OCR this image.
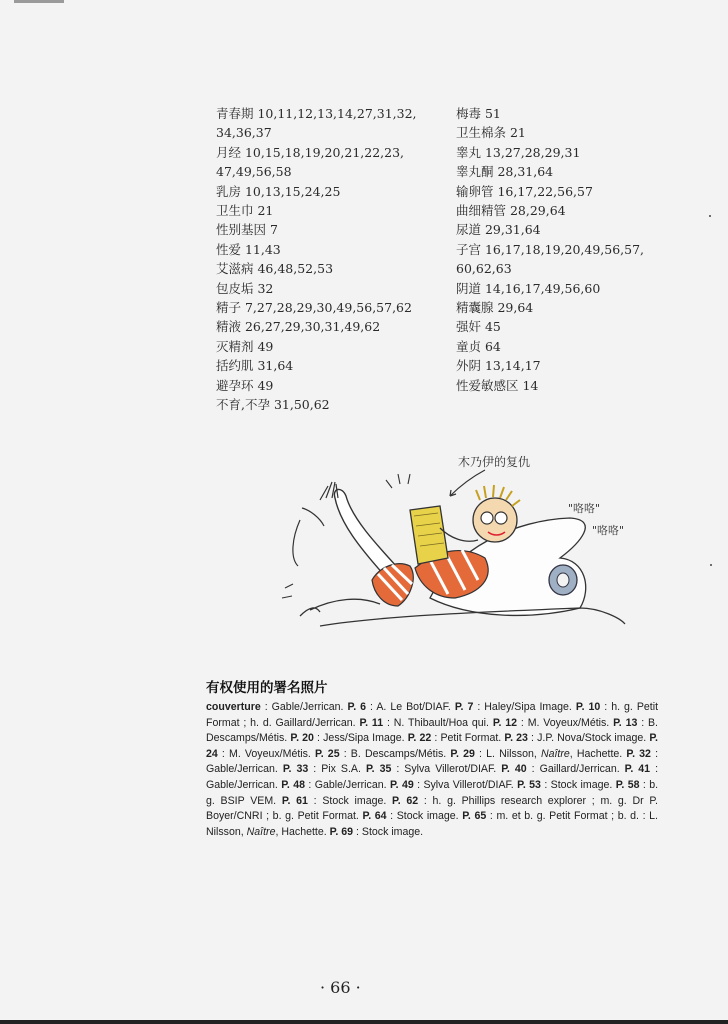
青春期 10,11,12,13,14,27,31,32,
34,36,37
月经 10,15,18,19,20,21,22,23,
47,49,56,58
乳房 10,13,15,24,25
卫生巾 21
性别基因 7
性爱 11,43
艾滋病 46,48,52,53
包皮垢 32
精子 7,27,28,29,30,49,56,57,62
精液 26,27,29,30,31,49,62
灭精剂 49
括约肌 31,64
避孕环 49
不育,不孕 31,50,62
梅毒 51
卫生棉条 21
睾丸 13,27,28,29,31
睾丸酮 28,31,64
输卵管 16,17,22,56,57
曲细精管 28,29,64
尿道 29,31,64
子宫 16,17,18,19,20,49,56,57,
60,62,63
阴道 14,16,17,49,56,60
精囊腺 29,64
强奸 45
童贞 64
外阴 13,14,17
性爱敏感区 14
木乃伊的复仇
"咯咯"
"咯咯"
有权使用的署名照片
couverture : Gable/Jerrican. P. 6 : A. Le Bot/DIAF. P. 7 : Haley/Sipa Image. P. 10 : h. g. Petit Format ; h. d. Gaillard/Jerrican. P. 11 : N. Thibault/Hoa qui. P. 12 : M. Voyeux/Métis. P. 13 : B. Descamps/Métis. P. 20 : Jess/Sipa Image. P. 22 : Petit Format. P. 23 : J.P. Nova/Stock image. P. 24 : M. Voyeux/Métis. P. 25 : B. Descamps/Métis. P. 29 : L. Nilsson, Naître, Hachette. P. 32 : Gable/Jerrican. P. 33 : Pix S.A. P. 35 : Sylva Villerot/DIAF. P. 40 : Gaillard/Jerrican. P. 41 : Gable/Jerrican. P. 48 : Gable/Jerrican. P. 49 : Sylva Villerot/DIAF. P. 53 : Stock image. P. 58 : b. g. BSIP VEM. P. 61 : Stock image. P. 62 : h. g. Phillips research explorer ; m. g. Dr P. Boyer/CNRI ; b. g. Petit Format. P. 64 : Stock image. P. 65 : m. et b. g. Petit Format ; b. d. : L. Nilsson, Naître, Hachette. P. 69 : Stock image.
· 66 ·
